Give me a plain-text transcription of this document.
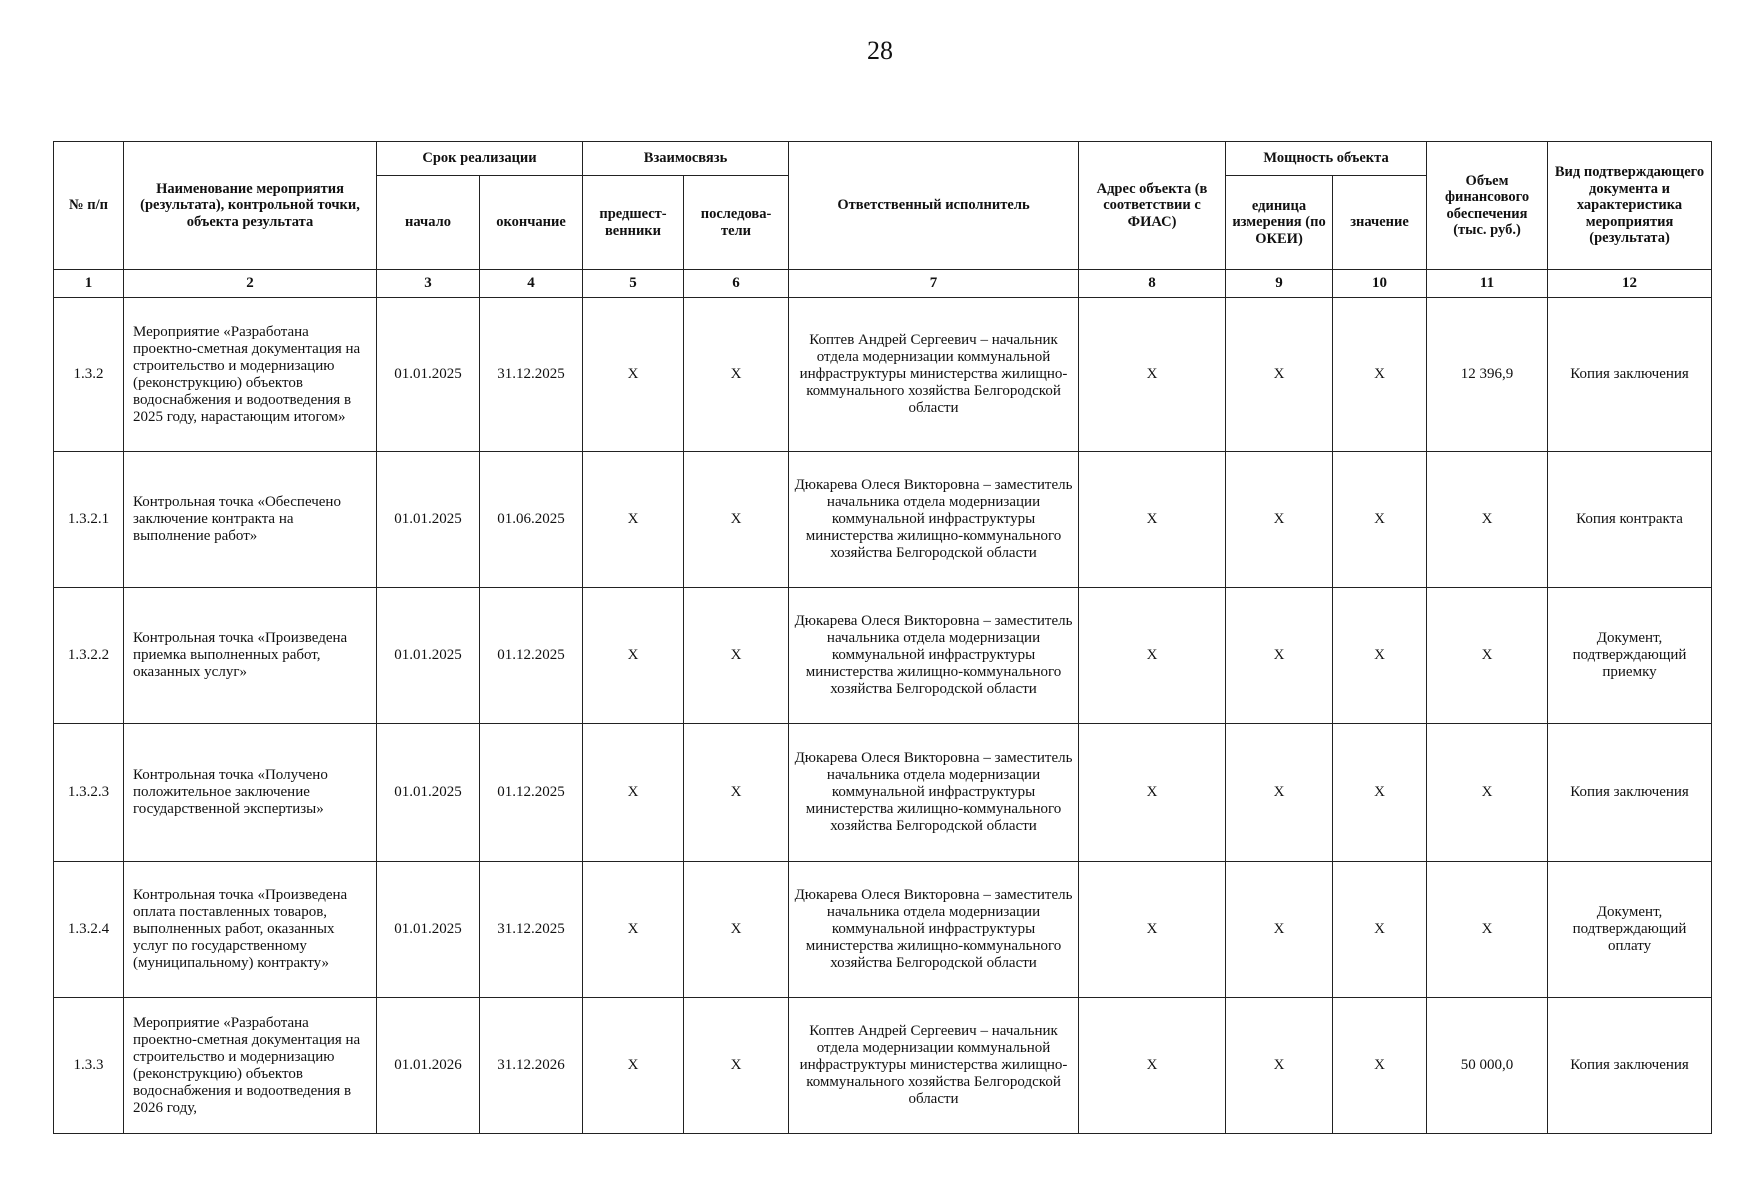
28
№ п/п	Наименование мероприятия (результата), контрольной точки, объекта результата	Срок реализации		Взаимосвязь		Ответственный исполнитель	Адрес объекта (в соответствии с ФИАС)	Мощность объекта		Объем финансового обеспечения (тыс. руб.)	Вид подтверждающего документа и характеристика мероприятия (результата)
		начало	окончание	предшест-венники	последова-тели			единица измерения (по ОКЕИ)	значение		
1	2	3	4	5	6	7	8	9	10	11	12
1.3.2	Мероприятие «Разработана проектно-сметная документация на строительство и модернизацию (реконструкцию) объектов водоснабжения и водоотведения в 2025 году, нарастающим итогом»	01.01.2025	31.12.2025	X	X	Коптев Андрей Сергеевич – начальник отдела модернизации коммунальной инфраструктуры министерства жилищно-коммунального хозяйства Белгородской области	X	X	X	12 396,9	Копия заключения
1.3.2.1	Контрольная точка «Обеспечено заключение контракта на выполнение работ»	01.01.2025	01.06.2025	X	X	Дюкарева Олеся Викторовна – заместитель начальника отдела модернизации коммунальной инфраструктуры министерства жилищно-коммунального хозяйства Белгородской области	X	X	X	X	Копия контракта
1.3.2.2	Контрольная точка «Произведена приемка выполненных работ, оказанных услуг»	01.01.2025	01.12.2025	X	X	Дюкарева Олеся Викторовна – заместитель начальника отдела модернизации коммунальной инфраструктуры министерства жилищно-коммунального хозяйства Белгородской области	X	X	X	X	Документ, подтверждающий приемку
1.3.2.3	Контрольная точка «Получено положительное заключение государственной экспертизы»	01.01.2025	01.12.2025	X	X	Дюкарева Олеся Викторовна – заместитель начальника отдела модернизации коммунальной инфраструктуры министерства жилищно-коммунального хозяйства Белгородской области	X	X	X	X	Копия заключения
1.3.2.4	Контрольная точка «Произведена оплата поставленных товаров, выполненных работ, оказанных услуг по государственному (муниципальному) контракту»	01.01.2025	31.12.2025	X	X	Дюкарева Олеся Викторовна – заместитель начальника отдела модернизации коммунальной инфраструктуры министерства жилищно-коммунального хозяйства Белгородской области	X	X	X	X	Документ, подтверждающий оплату
1.3.3	Мероприятие «Разработана проектно-сметная документация на строительство и модернизацию (реконструкцию) объектов водоснабжения и водоотведения в 2026 году,	01.01.2026	31.12.2026	X	X	Коптев Андрей Сергеевич – начальник отдела модернизации коммунальной инфраструктуры министерства жилищно-коммунального хозяйства Белгородской области	X	X	X	50 000,0	Копия заключения
